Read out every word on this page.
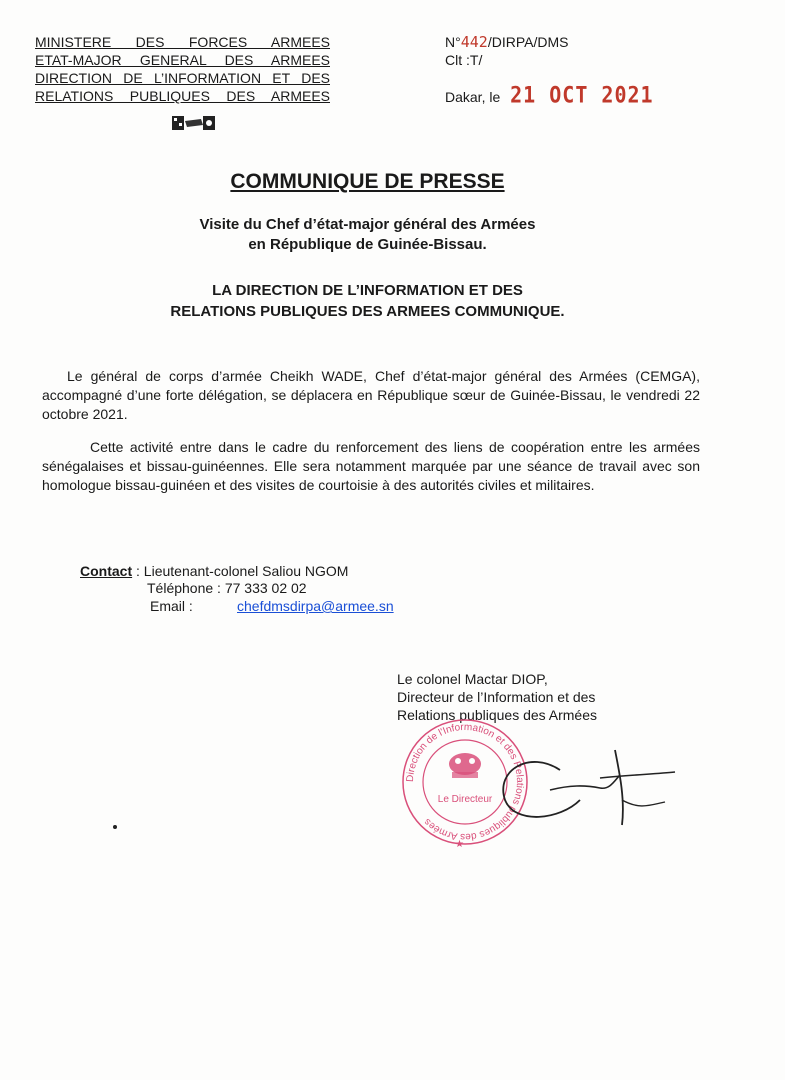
MINISTERE DES FORCES ARMEES
ETAT-MAJOR GENERAL DES ARMEES
DIRECTION DE L’INFORMATION ET DES
RELATIONS PUBLIQUES DES ARMEES
N°442/DIRPA/DMS
Clt :T/
Dakar, le 21 OCT 2021
COMMUNIQUE DE PRESSE
Visite du Chef d’état-major général des Armées
en République de Guinée-Bissau.
LA DIRECTION DE L’INFORMATION ET DES
RELATIONS PUBLIQUES DES ARMEES COMMUNIQUE.
Le général de corps d’armée Cheikh WADE, Chef d’état-major général des Armées (CEMGA), accompagné d’une forte délégation, se déplacera en République sœur de Guinée-Bissau, le vendredi 22 octobre 2021.
Cette activité entre dans le cadre du renforcement des liens de coopération entre les armées sénégalaises et bissau-guinéennes. Elle sera notamment marquée par une séance de travail avec son homologue bissau-guinéen et des visites de courtoisie à des autorités civiles et militaires.
Contact : Lieutenant-colonel Saliou NGOM
Téléphone : 77 333 02 02
Email :	chefdmsdirpa@armee.sn
Le colonel Mactar DIOP,
Directeur de l’Information et des
Relations publiques des Armées
Direction de l'Information et des Relations publiques des Armées
Le Directeur
★
